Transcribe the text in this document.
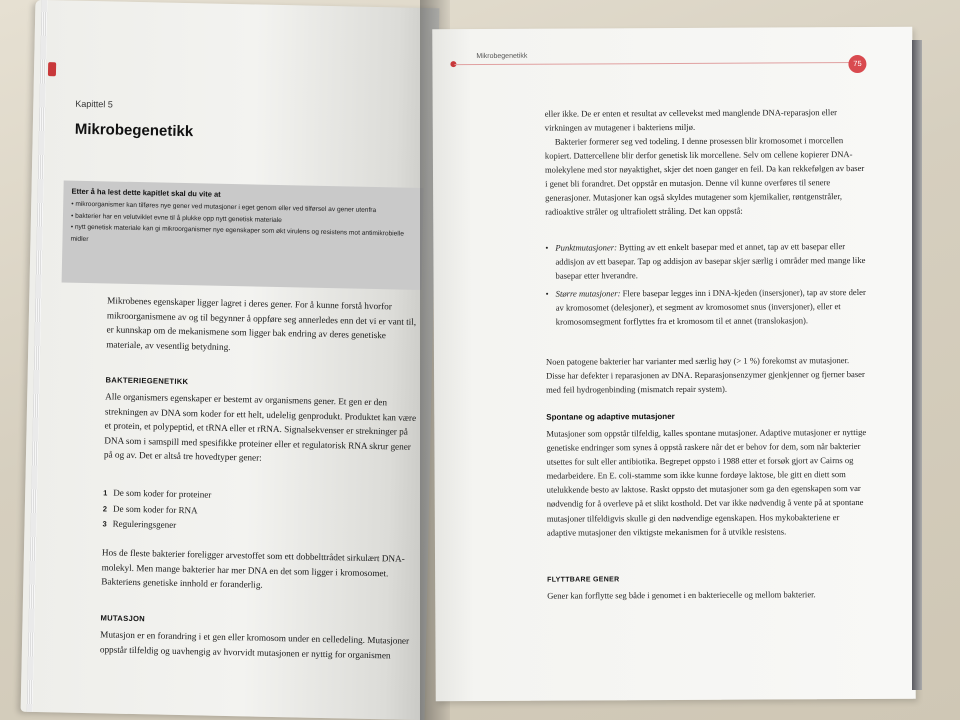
Kapittel 5
Mikrobegenetikk
Etter å ha lest dette kapitlet skal du vite at
• mikroorganismer kan tilføres nye gener ved mutasjoner i eget genom eller ved tilførsel av gener utenfra
• bakterier har en velutviklet evne til å plukke opp nytt genetisk materiale
• nytt genetisk materiale kan gi mikroorganismer nye egenskaper som økt virulens og resistens mot antimikrobielle midler

Mikrobenes egenskaper ligger lagret i deres gener. For å kunne forstå hvorfor mikroorganismene av og til begynner å oppføre seg annerledes enn det vi er vant til, er kunnskap om de mekanismene som ligger bak endring av deres genetiske materiale, av vesentlig betydning.

BAKTERIEGENETIKK

Alle organismers egenskaper er bestemt av organismens gener. Et gen er den strekningen av DNA som koder for ett helt, udelelig genprodukt. Produktet kan være et protein, et polypeptid, et tRNA eller et rRNA. Signalsekvenser er strekninger på DNA som i samspill med spesifikke proteiner eller et regulatorisk RNA skrur gener på og av. Det er altså tre hovedtyper gener:

1 De som koder for proteiner
2 De som koder for RNA
3 Reguleringsgener

Hos de fleste bakterier foreligger arvestoffet som ett dobbelttrådet sirkulært DNA-molekyl. Men mange bakterier har mer DNA en det som ligger i kromosomet. Bakteriens genetiske innhold er foranderlig.

MUTASJON

Mutasjon er en forandring i et gen eller kromosom under en celledeling. Mutasjoner oppstår tilfeldig og uavhengig av hvorvidt mutasjonen er nyttig for organismen

Mikrobegenetikk
75

eller ikke. De er enten et resultat av cellevekst med manglende DNA-reparasjon eller virkningen av mutagener i bakteriens miljø.

Bakterier formerer seg ved todeling. I denne prosessen blir kromosomet i morcellen kopiert. Dattercellene blir derfor genetisk lik morcellene. Selv om cellene kopierer DNA-molekylene med stor nøyaktighet, skjer det noen ganger en feil. Da kan rekkefølgen av baser i genet bli forandret. Det oppstår en mutasjon. Denne vil kunne overføres til senere generasjoner. Mutasjoner kan også skyldes mutagener som kjemikalier, røntgenstråler, radioaktive stråler og ultrafiolett stråling. Det kan oppstå:

• Punktmutasjoner: Bytting av ett enkelt basepar med et annet, tap av ett basepar eller addisjon av ett basepar. Tap og addisjon av basepar skjer særlig i områder med mange like basepar etter hverandre.
• Større mutasjoner: Flere basepar legges inn i DNA-kjeden (insersjoner), tap av store deler av kromosomet (delesjoner), et segment av kromosomet snus (inversjoner), eller et kromosomsegment forflyttes fra et kromosom til et annet (translokasjon).

Noen patogene bakterier har varianter med særlig høy (> 1 %) forekomst av mutasjoner. Disse har defekter i reparasjonen av DNA. Reparasjonsenzymer gjenkjenner og fjerner baser med feil hydrogenbinding (mismatch repair system).

Spontane og adaptive mutasjoner

Mutasjoner som oppstår tilfeldig, kalles spontane mutasjoner. Adaptive mutasjoner er nyttige genetiske endringer som synes å oppstå raskere når det er behov for dem, som når bakterier utsettes for sult eller antibiotika. Begrepet oppsto i 1988 etter et forsøk gjort av Cairns og medarbeidere. En E. coli-stamme som ikke kunne fordøye laktose, ble gitt en diett som utelukkende besto av laktose. Raskt oppsto det mutasjoner som ga den egenskapen som var nødvendig for å overleve på et slikt kosthold. Det var ikke nødvendig å vente på at spontane mutasjoner tilfeldigvis skulle gi den nødvendige egenskapen. Hos mykobakteriene er adaptive mutasjoner den viktigste mekanismen for å utvikle resistens.

FLYTTBARE GENER

Gener kan forflytte seg både i genomet i en bakteriecelle og mellom bakterier.
